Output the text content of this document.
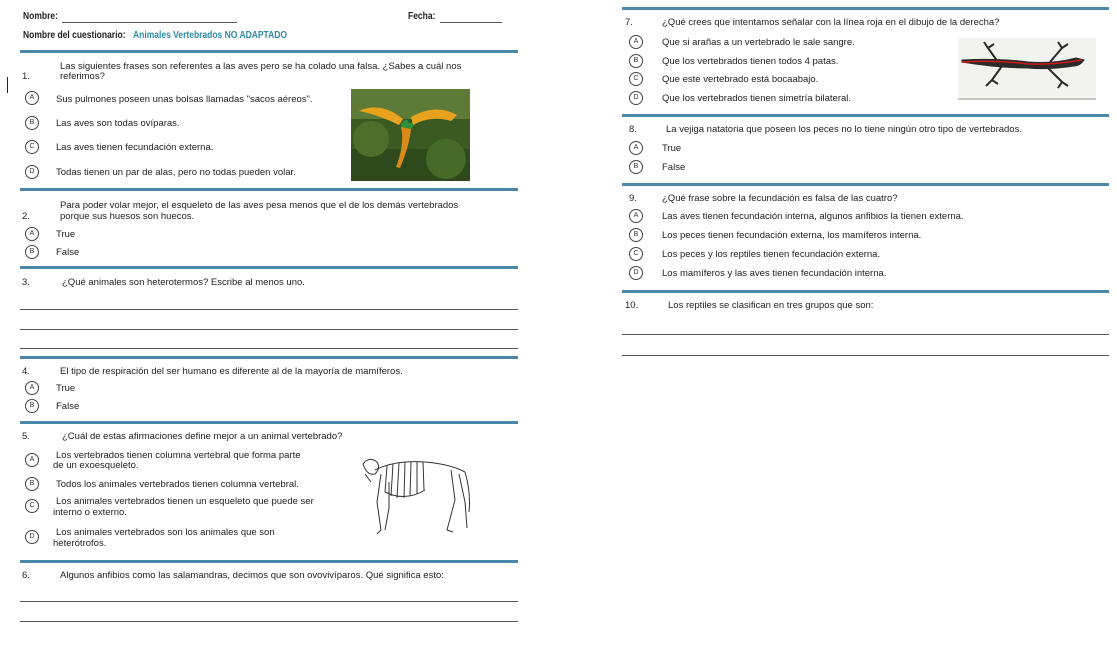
Nombre:	Fecha:
Nombre del cuestionario: Animales Vertebrados NO ADAPTADO
Las siguientes frases son referentes a las aves pero se ha colado una falsa. ¿Sabes a cuál nos
1.	referimos?
A	Sus pulmones poseen unas bolsas llamadas "sacos aéreos".
B	Las aves son todas ovíparas.
C	Las aves tienen fecundación externa.
D	Todas tienen un par de alas, pero no todas pueden volar.
Para poder volar mejor, el esqueleto de las aves pesa menos que el de los demás vertebrados
2.	porque sus huesos son huecos.
A	True
B	False
3.	¿Qué animales son heterotermos? Escribe al menos uno.
4.	El tipo de respiración del ser humano es diferente al de la mayoría de mamíferos.
A	True
B	False
5.	¿Cuál de estas afirmaciones define mejor a un animal vertebrado?
A	Los vertebrados tienen columna vertebral que forma parte
de un exoesqueleto.
B	Todos los animales vertebrados tienen columna vertebral.
C	Los animales vertebrados tienen un esqueleto que puede ser
interno o externo.
D	Los animales vertebrados son los animales que son
heterótrofos.
6.	Algunos anfibios como las salamandras, decimos que son ovovivíparos. Qué significa esto:
7.	¿Qué crees que intentamos señalar con la línea roja en el dibujo de la derecha?
A	Que si arañas a un vertebrado le sale sangre.
B	Que los vertebrados tienen todos 4 patas.
C	Que este vertebrado está bocaabajo.
D	Que los vertebrados tienen simetría bilateral.
8.	La vejiga natatoria que poseen los peces no lo tiene ningún otro tipo de vertebrados.
A	True
B	False
9.	¿Qué frase sobre la fecundación es falsa de las cuatro?
A	Las aves tienen fecundación interna, algunos anfibios la tienen externa.
B	Los peces tienen fecundación externa, los mamíferos interna.
C	Los peces y los reptiles tienen fecundación externa.
D	Los mamíferos y las aves tienen fecundación interna.
10.	Los reptiles se clasifican en tres grupos que son:
